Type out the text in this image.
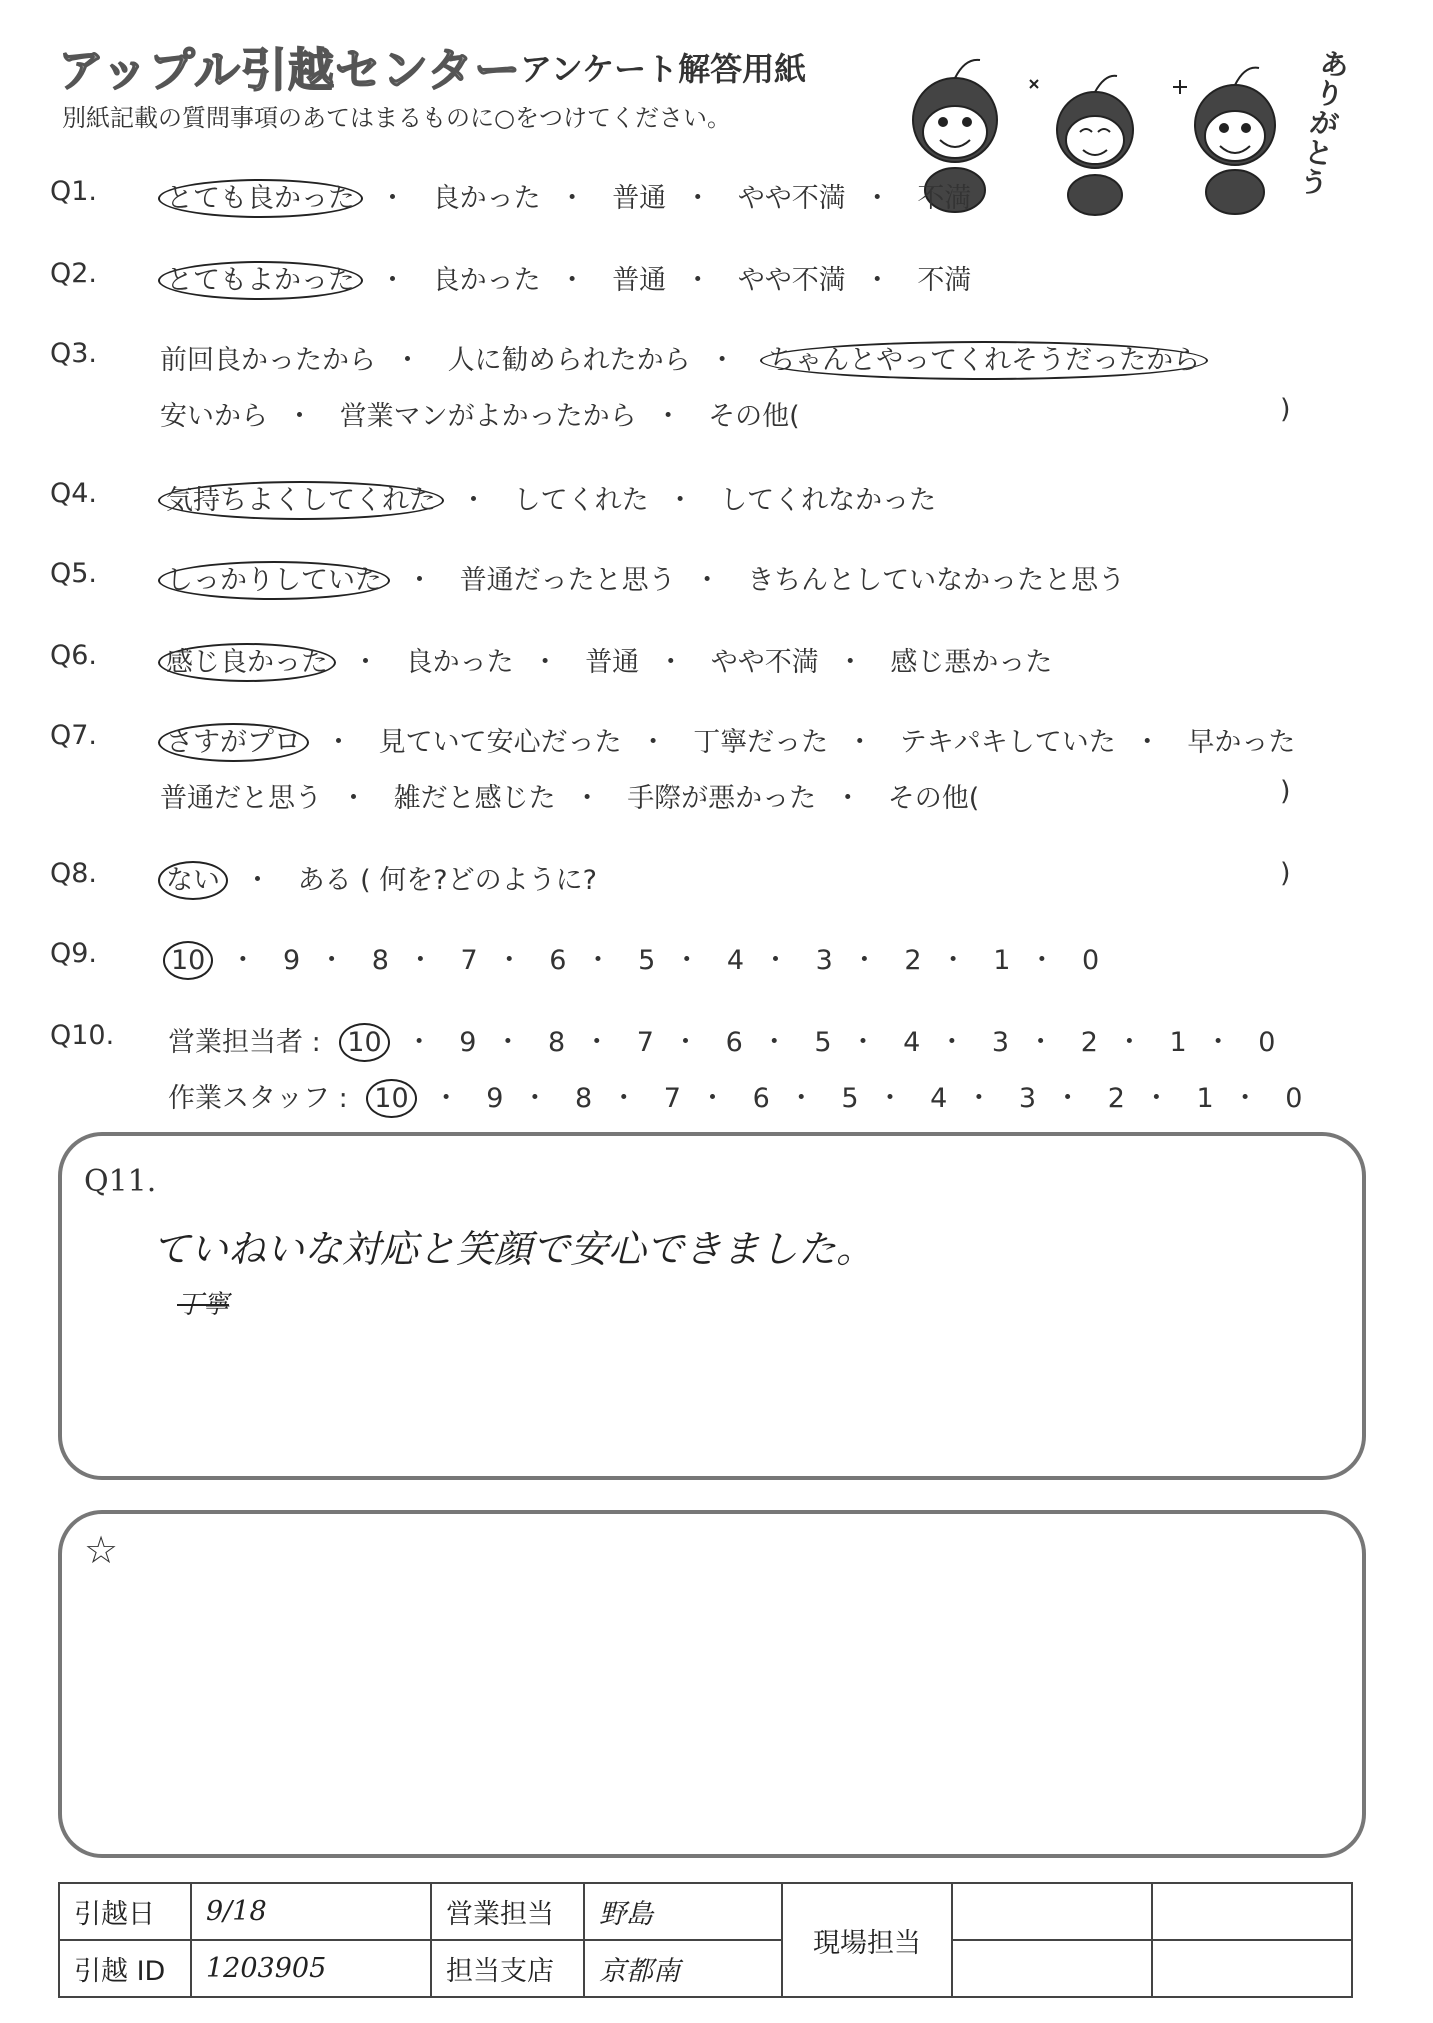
アップル引越センター
アンケート解答用紙
別紙記載の質問事項のあてはまるものに○をつけてください。
ありがとう
Q1.	とても良かった ・ 良かった ・ 普通 ・ やや不満 ・ 不満
Q2.	とてもよかった ・ 良かった ・ 普通 ・ やや不満 ・ 不満
Q3. 前回良かったから ・ 人に勧められたから ・ ちゃんとやってくれそうだったから
安いから ・ 営業マンがよかったから ・ その他(	)
Q4.	気持ちよくしてくれた ・ してくれた ・ してくれなかった
Q5.	しっかりしていた ・ 普通だったと思う ・ きちんとしていなかったと思う
Q6.	感じ良かった ・ 良かった ・ 普通 ・ やや不満 ・ 感じ悪かった
Q7.	さすがプロ ・ 見ていて安心だった ・ 丁寧だった ・ テキパキしていた ・ 早かった
普通だと思う ・ 雑だと感じた ・ 手際が悪かった ・ その他(	)
Q8.	ない ・ ある ( 何を?どのように?	)
Q9.	10 ・ 9 ・ 8 ・ 7 ・ 6 ・ 5 ・ 4 ・ 3 ・ 2 ・ 1 ・ 0
Q10. 営業担当者 : 10 ・ 9 ・ 8 ・ 7 ・ 6 ・ 5 ・ 4 ・ 3 ・ 2 ・ 1 ・ 0
作業スタッフ : 10 ・ 9 ・ 8 ・ 7 ・ 6 ・ 5 ・ 4 ・ 3 ・ 2 ・ 1 ・ 0
Q11.
ていねいな対応と笑顔で安心できました。
丁寧
☆
引越日	9/18	営業担当	野島	現場担当		
引越 ID	1203905	担当支店	京都南			
